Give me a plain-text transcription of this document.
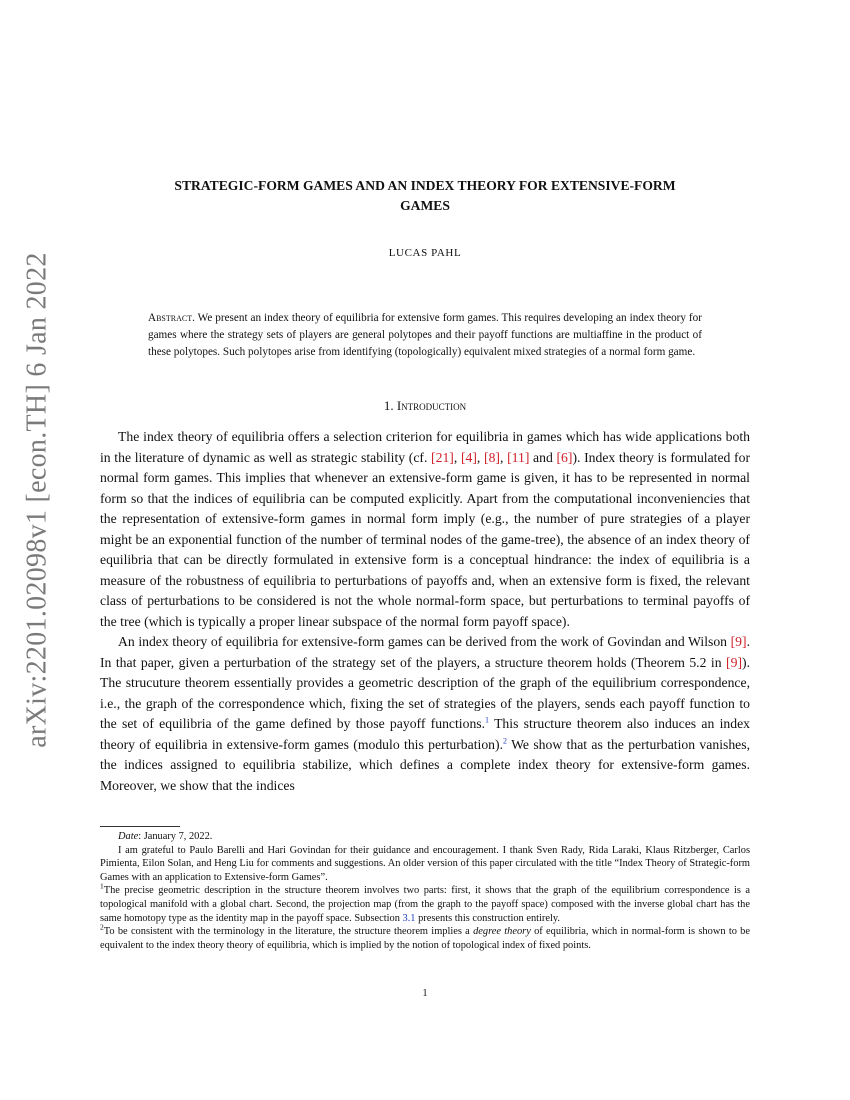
arXiv:2201.02098v1 [econ.TH] 6 Jan 2022
STRATEGIC-FORM GAMES AND AN INDEX THEORY FOR EXTENSIVE-FORM
GAMES
LUCAS PAHL
Abstract. We present an index theory of equilibria for extensive form games. This requires developing an index theory for games where the strategy sets of players are general polytopes and their payoff functions are multiaffine in the product of these polytopes. Such polytopes arise from identifying (topologically) equivalent mixed strategies of a normal form game.
1. Introduction

The index theory of equilibria offers a selection criterion for equilibria in games which has wide applications both in the literature of dynamic as well as strategic stability (cf. [21], [4], [8], [11] and [6]). Index theory is formulated for normal form games. This implies that whenever an extensive-form game is given, it has to be represented in normal form so that the indices of equilibria can be computed explicitly. Apart from the computational inconveniencies that the representation of extensive-form games in normal form imply (e.g., the number of pure strategies of a player might be an exponential function of the number of terminal nodes of the game-tree), the absence of an index theory of equilibria that can be directly formulated in extensive form is a conceptual hindrance: the index of equilibria is a measure of the robustness of equilibria to perturbations of payoffs and, when an extensive form is fixed, the relevant class of perturbations to be considered is not the whole normal-form space, but perturbations to terminal payoffs of the tree (which is typically a proper linear subspace of the normal form payoff space).

An index theory of equilibria for extensive-form games can be derived from the work of Govindan and Wilson [9]. In that paper, given a perturbation of the strategy set of the players, a structure theorem holds (Theorem 5.2 in [9]). The strucuture theorem essentially provides a geometric description of the graph of the equilibrium correspondence, i.e., the graph of the correspondence which, fixing the set of strategies of the players, sends each payoff function to the set of equilibria of the game defined by those payoff functions.$^1$ This structure theorem also induces an index theory of equilibria in extensive-form games (modulo this perturbation).$^2$ We show that as the perturbation vanishes, the indices assigned to equilibria stabilize, which defines a complete index theory for extensive-form games. Moreover, we show that the indices

Date: January 7, 2022.

I am grateful to Paulo Barelli and Hari Govindan for their guidance and encouragement. I thank Sven Rady, Rida Laraki, Klaus Ritzberger, Carlos Pimienta, Eilon Solan, and Heng Liu for comments and suggestions. An older version of this paper circulated with the title “Index Theory of Strategic-form Games with an application to Extensive-form Games”.

$^1$The precise geometric description in the structure theorem involves two parts: first, it shows that the graph of the equilibrium correspondence is a topological manifold with a global chart. Second, the projection map (from the graph to the payoff space) composed with the inverse global chart has the same homotopy type as the identity map in the payoff space. Subsection 3.1 presents this construction entirely.

$^2$To be consistent with the terminology in the literature, the structure theorem implies a degree theory of equilibria, which in normal-form is shown to be equivalent to the index theory theory of equilibria, which is implied by the notion of topological index of fixed points.

1
